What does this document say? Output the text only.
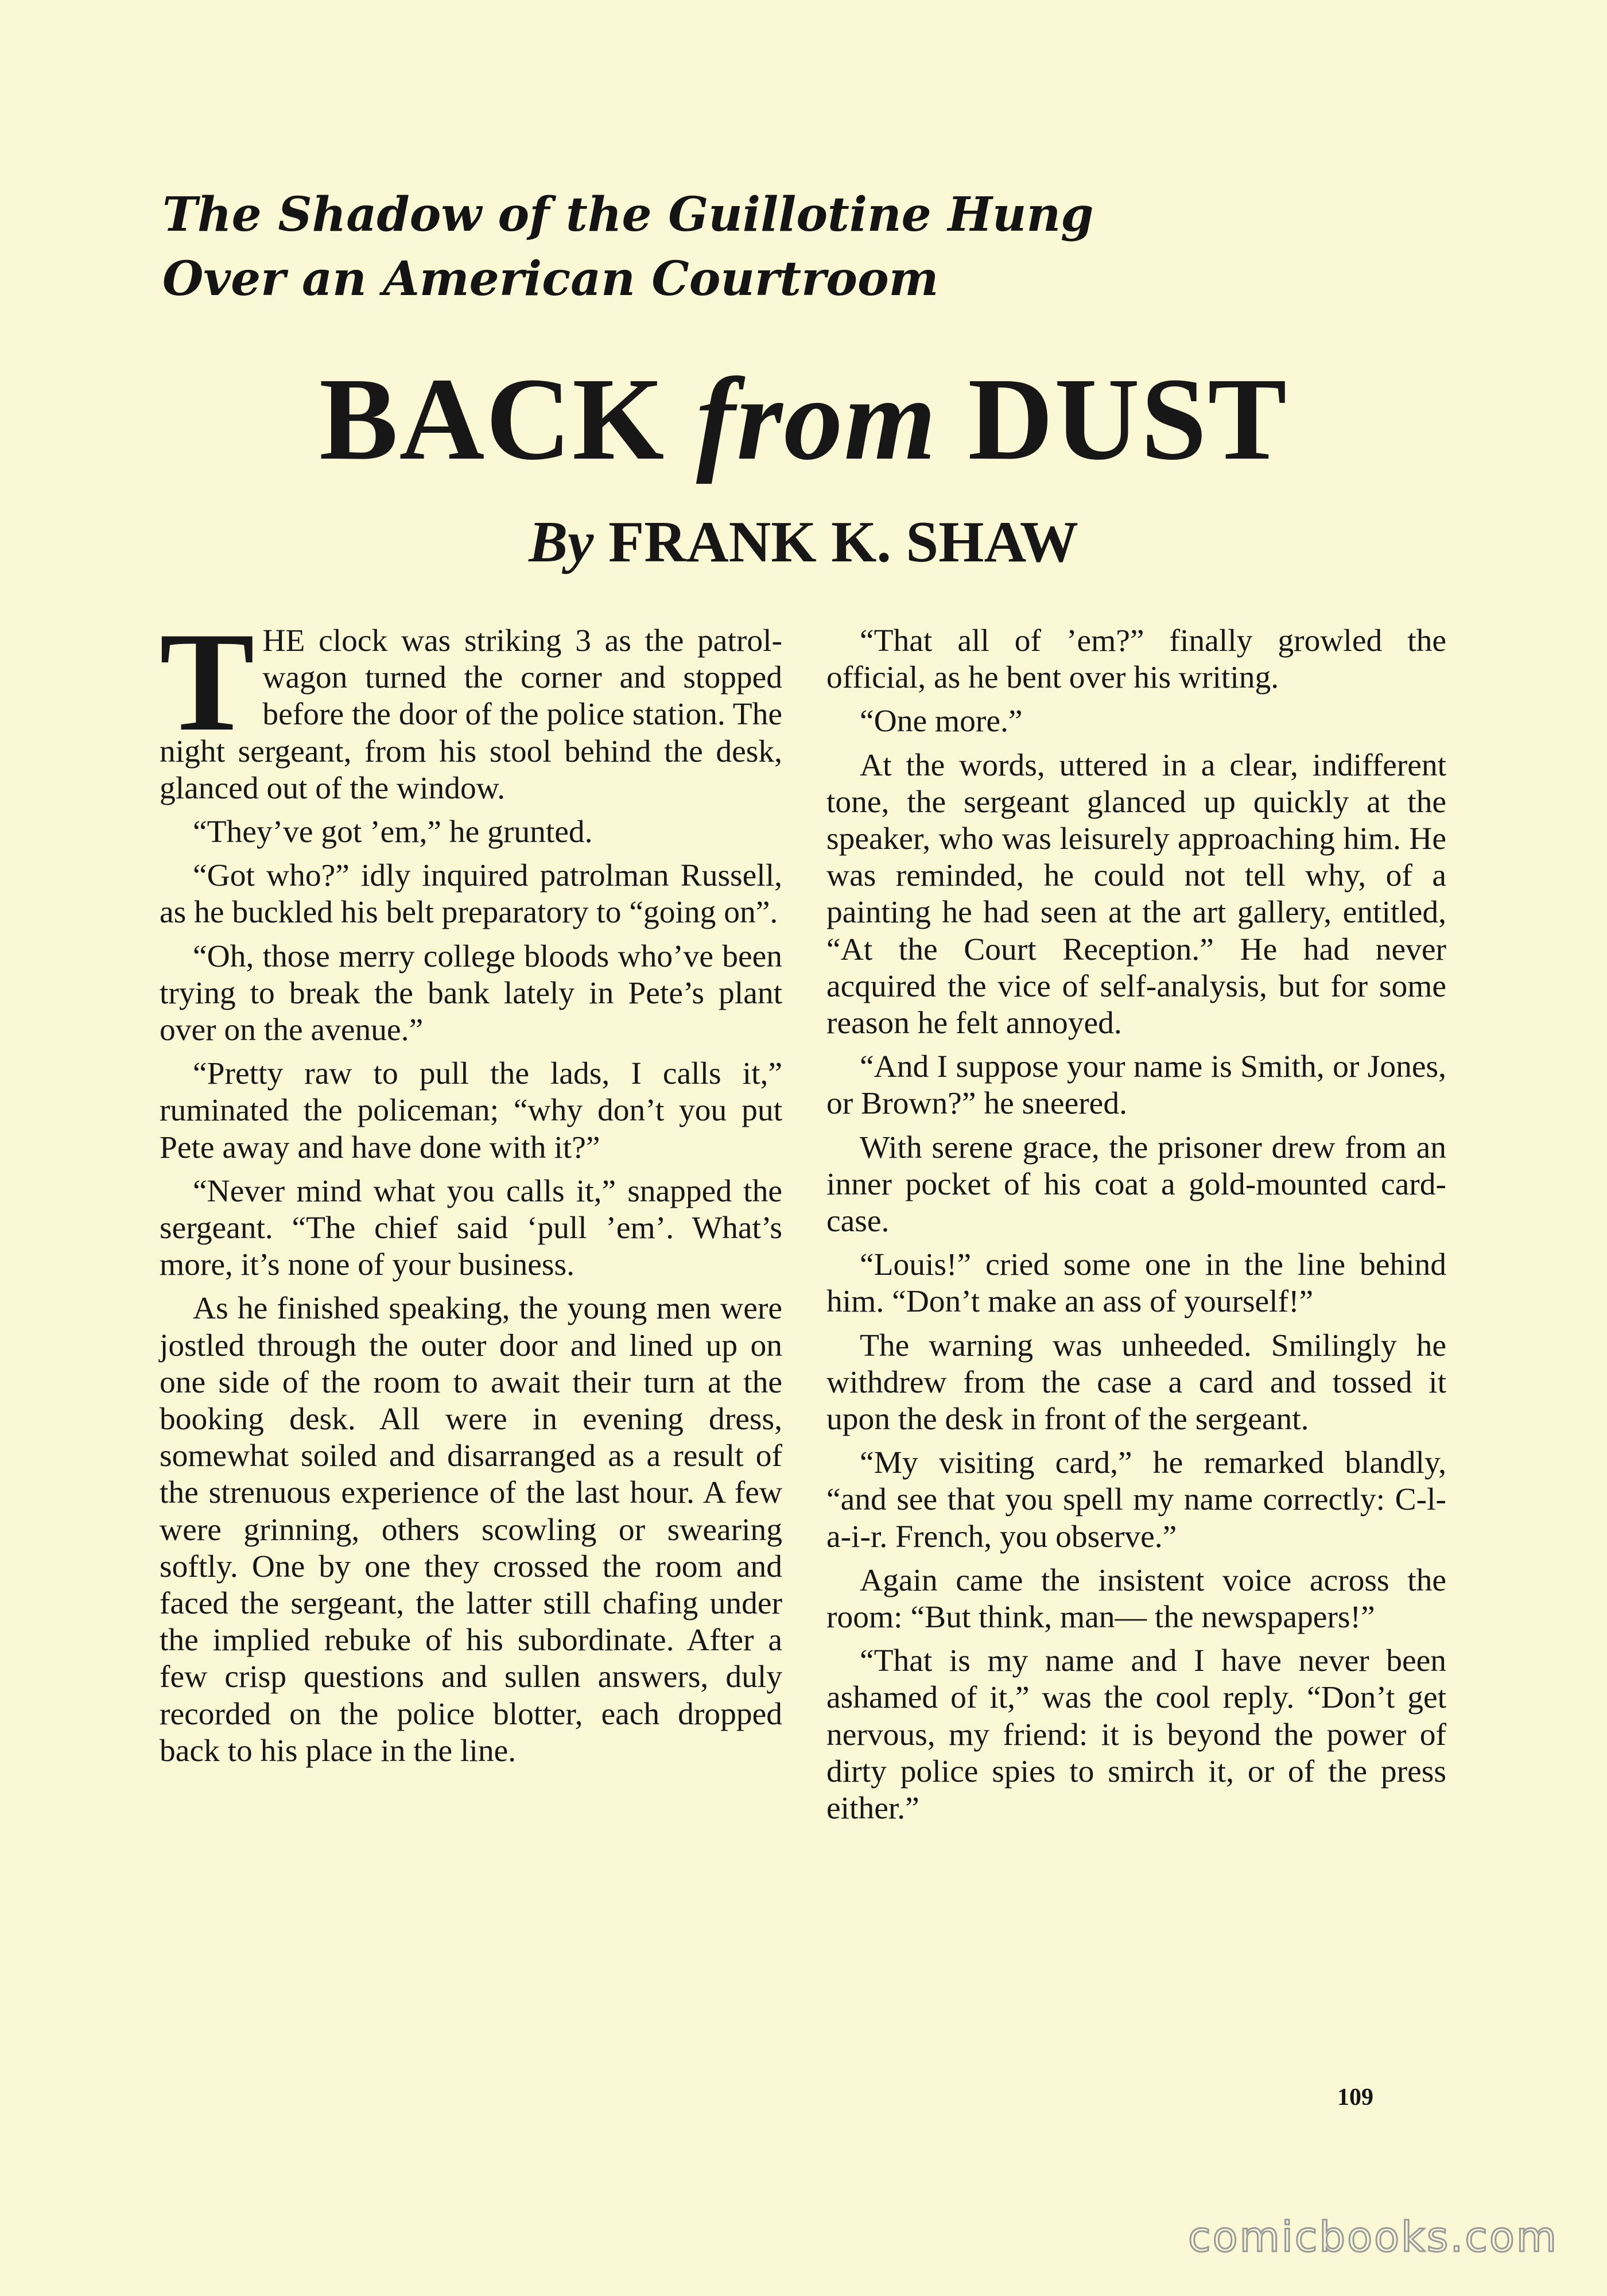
The Shadow of the Guillotine Hung
Over an American Courtroom
BACK from DUST
By FRANK K. SHAW

THE clock was striking 3 as the patrol-wagon turned the corner and stopped before the door of the police station. The night sergeant, from his stool behind the desk, glanced out of the window.

“They’ve got ’em,” he grunted.

“Got who?” idly inquired patrolman Russell, as he buckled his belt preparatory to “going on”.

“Oh, those merry college bloods who’ve been trying to break the bank lately in Pete’s plant over on the avenue.”

“Pretty raw to pull the lads, I calls it,” ruminated the policeman; “why don’t you put Pete away and have done with it?”

“Never mind what you calls it,” snapped the sergeant. “The chief said ‘pull ’em’. What’s more, it’s none of your business.

As he finished speaking, the young men were jostled through the outer door and lined up on one side of the room to await their turn at the booking desk. All were in evening dress, somewhat soiled and disarranged as a result of the strenuous experience of the last hour. A few were grinning, others scowling or swearing softly. One by one they crossed the room and faced the sergeant, the latter still chafing under the implied rebuke of his subordinate. After a few crisp questions and sullen answers, duly recorded on the police blotter, each dropped back to his place in the line.

“That all of ’em?” finally growled the official, as he bent over his writing.

“One more.”

At the words, uttered in a clear, indifferent tone, the sergeant glanced up quickly at the speaker, who was leisurely approaching him. He was reminded, he could not tell why, of a painting he had seen at the art gallery, entitled, “At the Court Reception.” He had never acquired the vice of self-analysis, but for some reason he felt annoyed.

“And I suppose your name is Smith, or Jones, or Brown?” he sneered.

With serene grace, the prisoner drew from an inner pocket of his coat a gold-mounted card-case.

“Louis!” cried some one in the line behind him. “Don’t make an ass of yourself!”

The warning was unheeded. Smilingly he withdrew from the case a card and tossed it upon the desk in front of the sergeant.

“My visiting card,” he remarked blandly, “and see that you spell my name correctly: C-l-a-i-r. French, you observe.”

Again came the insistent voice across the room: “But think, man— the newspapers!”

“That is my name and I have never been ashamed of it,” was the cool reply. “Don’t get nervous, my friend: it is beyond the power of dirty police spies to smirch it, or of the press either.”

109
comicbooks.com
